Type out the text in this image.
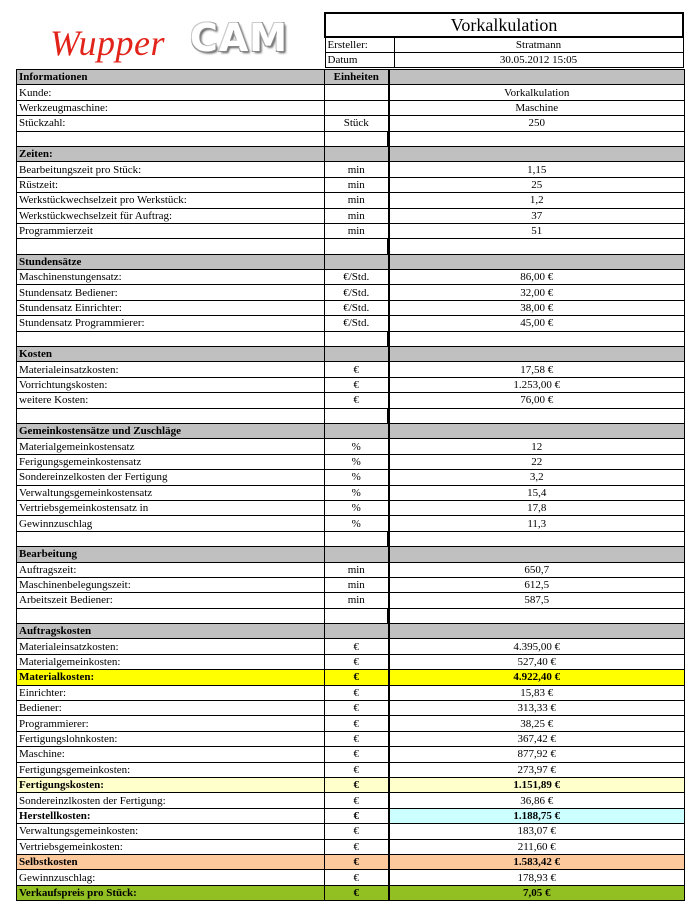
Wupper CAM	Vorkalkulation	
Ersteller:	Stratmann
Datum	30.05.2012 15:05
Informationen	Einheiten	
Kunde:		Vorkalkulation
Werkzeugmaschine:		Maschine
Stückzahl:	Stück	250

Zeiten:		
Bearbeitungszeit pro Stück:	min	1,15
Rüstzeit:	min	25
Werkstückwechselzeit pro Werkstück:	min	1,2
Werkstückwechselzeit für Auftrag:	min	37
Programmierzeit	min	51

Stundensätze		
Maschinenstungensatz:	€/Std.	86,00 €
Stundensatz Bediener:	€/Std.	32,00 €
Stundensatz Einrichter:	€/Std.	38,00 €
Stundensatz Programmierer:	€/Std.	45,00 €

Kosten		
Materialeinsatzkosten:	€	17,58 €
Vorrichtungskosten:	€	1.253,00 €
weitere Kosten:	€	76,00 €

Gemeinkostensätze und Zuschläge		
Materialgemeinkostensatz	%	12
Ferigungsgemeinkostensatz	%	22
Sondereinzelkosten der Fertigung	%	3,2
Verwaltungsgemeinkostensatz	%	15,4
Vertriebsgemeinkostensatz in	%	17,8
Gewinnzuschlag	%	11,3

Bearbeitung		
Auftragszeit:	min	650,7
Maschinenbelegungszeit:	min	612,5
Arbeitszeit Bediener:	min	587,5

Auftragskosten		
Materialeinsatzkosten:	€	4.395,00 €
Materialgemeinkosten:	€	527,40 €
Materialkosten:	€	4.922,40 €
Einrichter:	€	15,83 €
Bediener:	€	313,33 €
Programmierer:	€	38,25 €
Fertigungslohnkosten:	€	367,42 €
Maschine:	€	877,92 €
Fertigungsgemeinkosten:	€	273,97 €
Fertigungskosten:	€	1.151,89 €
Sondereinzlkosten der Fertigung:	€	36,86 €
Herstellkosten:	€	1.188,75 €
Verwaltungsgemeinkosten:	€	183,07 €
Vertriebsgemeinkosten:	€	211,60 €
Selbstkosten	€	1.583,42 €
Gewinnzuschlag:	€	178,93 €
Verkaufspreis pro Stück:	€	7,05 €
